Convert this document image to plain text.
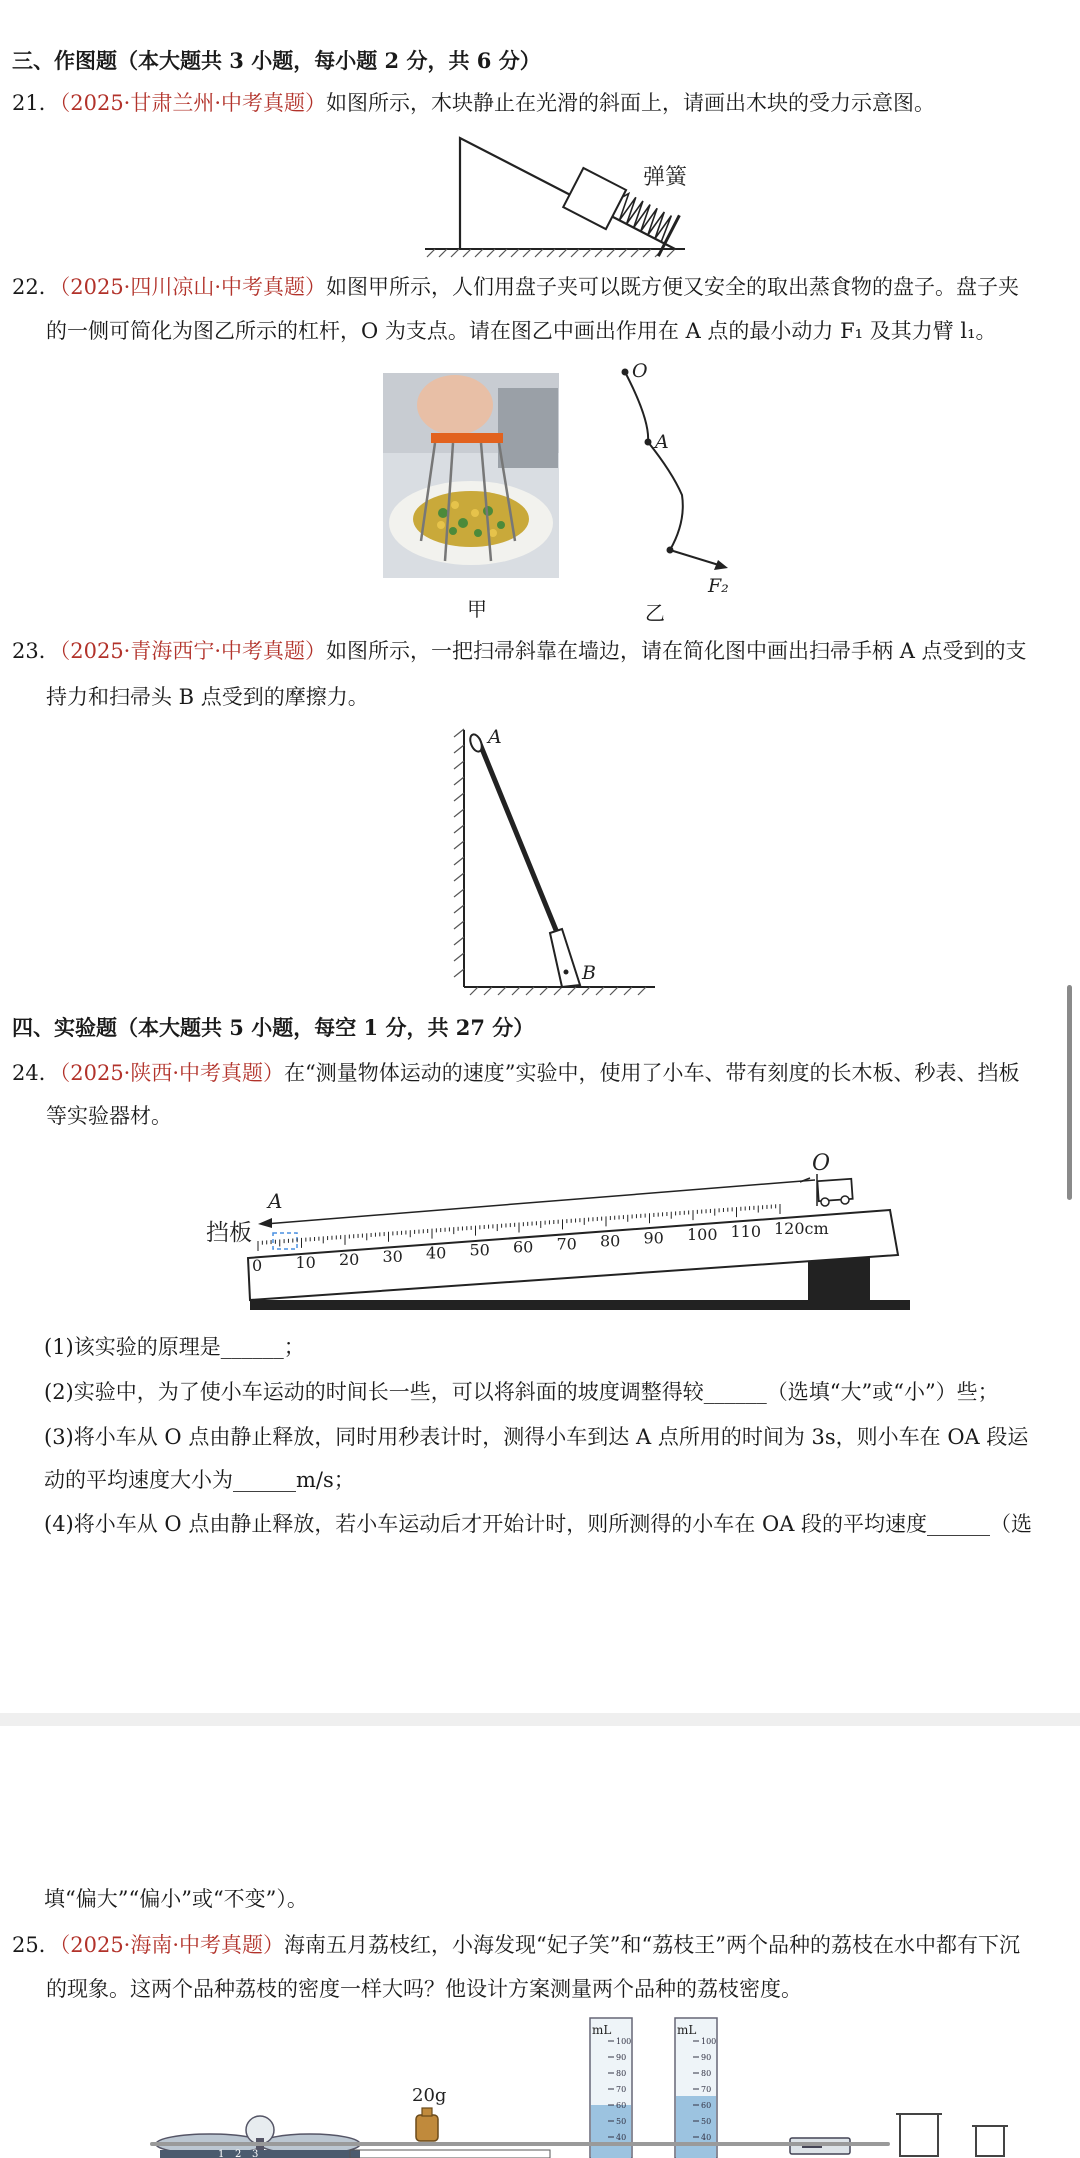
三、作图题（本大题共 3 小题，每小题 2 分，共 6 分）
21．（2025·甘肃兰州·中考真题）如图所示，木块静止在光滑的斜面上，请画出木块的受力示意图。
弹簧
22．（2025·四川凉山·中考真题）如图甲所示，人们用盘子夹可以既方便又安全的取出蒸食物的盘子。盘子夹
的一侧可简化为图乙所示的杠杆，O 为支点。请在图乙中画出作用在 A 点的最小动力 F₁ 及其力臂 l₁。
O
A
F₂
甲	乙
23．（2025·青海西宁·中考真题）如图所示，一把扫帚斜靠在墙边，请在简化图中画出扫帚手柄 A 点受到的支
持力和扫帚头 B 点受到的摩擦力。
A
B
四、实验题（本大题共 5 小题，每空 1 分，共 27 分）
24．（2025·陕西·中考真题）在“测量物体运动的速度”实验中，使用了小车、带有刻度的长木板、秒表、挡板
等实验器材。
挡板
A
O
0 10 20 30 40 50 60 70 80 90 100 110 120cm
(1)该实验的原理是______；
(2)实验中，为了使小车运动的时间长一些，可以将斜面的坡度调整得较______（选填“大”或“小”）些；
(3)将小车从 O 点由静止释放，同时用秒表计时，测得小车到达 A 点所用的时间为 3s，则小车在 OA 段运
动的平均速度大小为______m/s；
(4)将小车从 O 点由静止释放，若小车运动后才开始计时，则所测得的小车在 OA 段的平均速度______（选
填“偏大”“偏小”或“不变”）。
25．（2025·海南·中考真题）海南五月荔枝红，小海发现“妃子笑”和“荔枝王”两个品种的荔枝在水中都有下沉
的现象。这两个品种荔枝的密度一样大吗？他设计方案测量两个品种的荔枝密度。
1 2 3
20g
mL
100
90
80
70
60
50
40
mL
100
90
80
70
60
50
40
